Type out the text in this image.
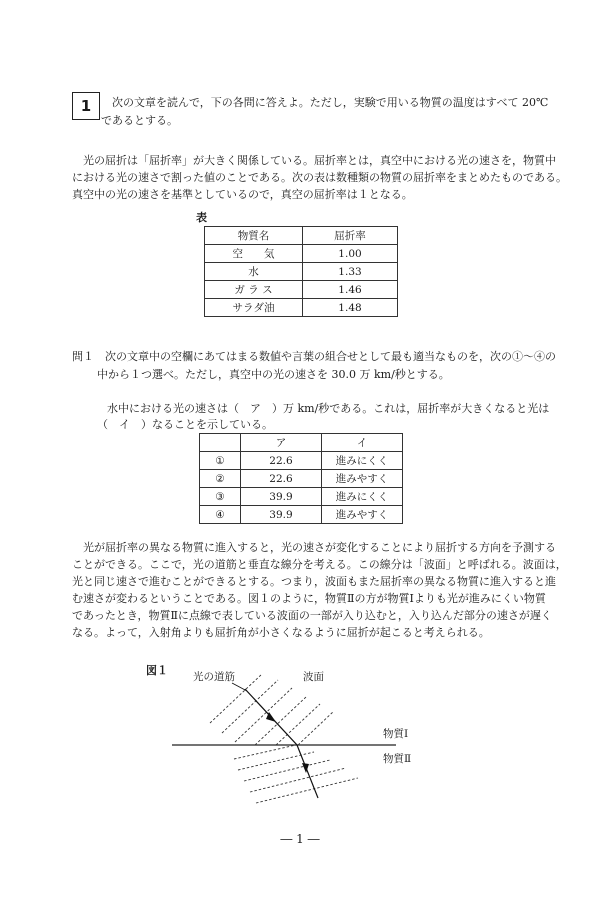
1	次の文章を読んで，下の各問に答えよ。ただし，実験で用いる物質の温度はすべて 20℃
であるとする。
光の屈折は「屈折率」が大きく関係している。屈折率とは，真空中における光の速さを，物質中
における光の速さで割った値のことである。次の表は数種類の物質の屈折率をまとめたものである。
真空中の光の速さを基準としているので，真空の屈折率は１となる。
表
物質名	屈折率
空　　気	1.00
水	1.33
ガ ラ ス	1.46
サラダ油	1.48
問１　次の文章中の空欄にあてはまる数値や言葉の組合せとして最も適当なものを，次の①～④の
中から１つ選べ。ただし，真空中の光の速さを 30.0 万 km/秒とする。
水中における光の速さは（　ア　）万 km/秒である。これは，屈折率が大きくなると光は
（　イ　）なることを示している。
	ア	イ
①	22.6	進みにくく
②	22.6	進みやすく
③	39.9	進みにくく
④	39.9	進みやすく
光が屈折率の異なる物質に進入すると，光の速さが変化することにより屈折する方向を予測する
ことができる。ここで，光の道筋と垂直な線分を考える。この線分は「波面」と呼ばれる。波面は，
光と同じ速さで進むことができるとする。つまり，波面もまた屈折率の異なる物質に進入すると進
む速さが変わるということである。図１のように，物質Ⅱの方が物質Ⅰよりも光が進みにくい物質
であったとき，物質Ⅱに点線で表している波面の一部が入り込むと，入り込んだ部分の速さが遅く
なる。よって，入射角よりも屈折角が小さくなるように屈折が起こると考えられる。
図１ 光の道筋	波面
物質Ⅰ
物質Ⅱ
― 1 ―
